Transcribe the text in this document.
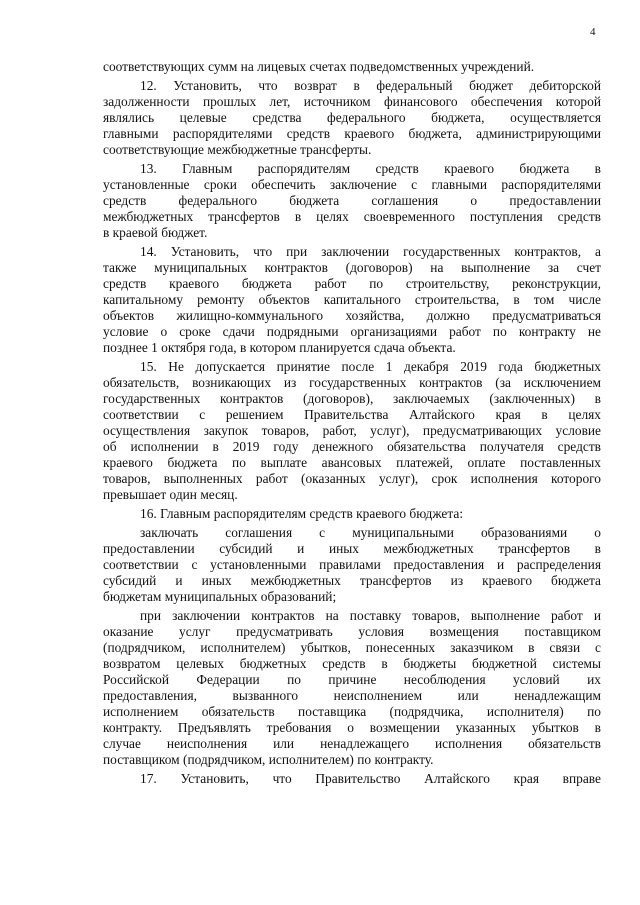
4
соответствующих сумм на лицевых счетах подведомственных учреждений.
12. Установить, что возврат в федеральный бюджет дебиторской
задолженности прошлых лет, источником финансового обеспечения которой
являлись целевые средства федерального бюджета, осуществляется
главными распорядителями средств краевого бюджета, администрирующими
соответствующие межбюджетные трансферты.
13. Главным распорядителям средств краевого бюджета в
установленные сроки обеспечить заключение с главными распорядителями
средств федерального бюджета соглашения о предоставлении
межбюджетных трансфертов в целях своевременного поступления средств
в краевой бюджет.
14. Установить, что при заключении государственных контрактов, а
также муниципальных контрактов (договоров) на выполнение за счет
средств краевого бюджета работ по строительству, реконструкции,
капитальному ремонту объектов капитального строительства, в том числе
объектов жилищно-коммунального хозяйства, должно предусматриваться
условие о сроке сдачи подрядными организациями работ по контракту не
позднее 1 октября года, в котором планируется сдача объекта.
15. Не допускается принятие после 1 декабря 2019 года бюджетных
обязательств, возникающих из государственных контрактов (за исключением
государственных контрактов (договоров), заключаемых (заключенных) в
соответствии с решением Правительства Алтайского края в целях
осуществления закупок товаров, работ, услуг), предусматривающих условие
об исполнении в 2019 году денежного обязательства получателя средств
краевого бюджета по выплате авансовых платежей, оплате поставленных
товаров, выполненных работ (оказанных услуг), срок исполнения которого
превышает один месяц.
16. Главным распорядителям средств краевого бюджета:
заключать соглашения с муниципальными образованиями о
предоставлении субсидий и иных межбюджетных трансфертов в
соответствии с установленными правилами предоставления и распределения
субсидий и иных межбюджетных трансфертов из краевого бюджета
бюджетам муниципальных образований;
при заключении контрактов на поставку товаров, выполнение работ и
оказание услуг предусматривать условия возмещения поставщиком
(подрядчиком, исполнителем) убытков, понесенных заказчиком в связи с
возвратом целевых бюджетных средств в бюджеты бюджетной системы
Российской Федерации по причине несоблюдения условий их
предоставления, вызванного неисполнением или ненадлежащим
исполнением обязательств поставщика (подрядчика, исполнителя) по
контракту. Предъявлять требования о возмещении указанных убытков в
случае неисполнения или ненадлежащего исполнения обязательств
поставщиком (подрядчиком, исполнителем) по контракту.
17. Установить, что Правительство Алтайского края вправе
